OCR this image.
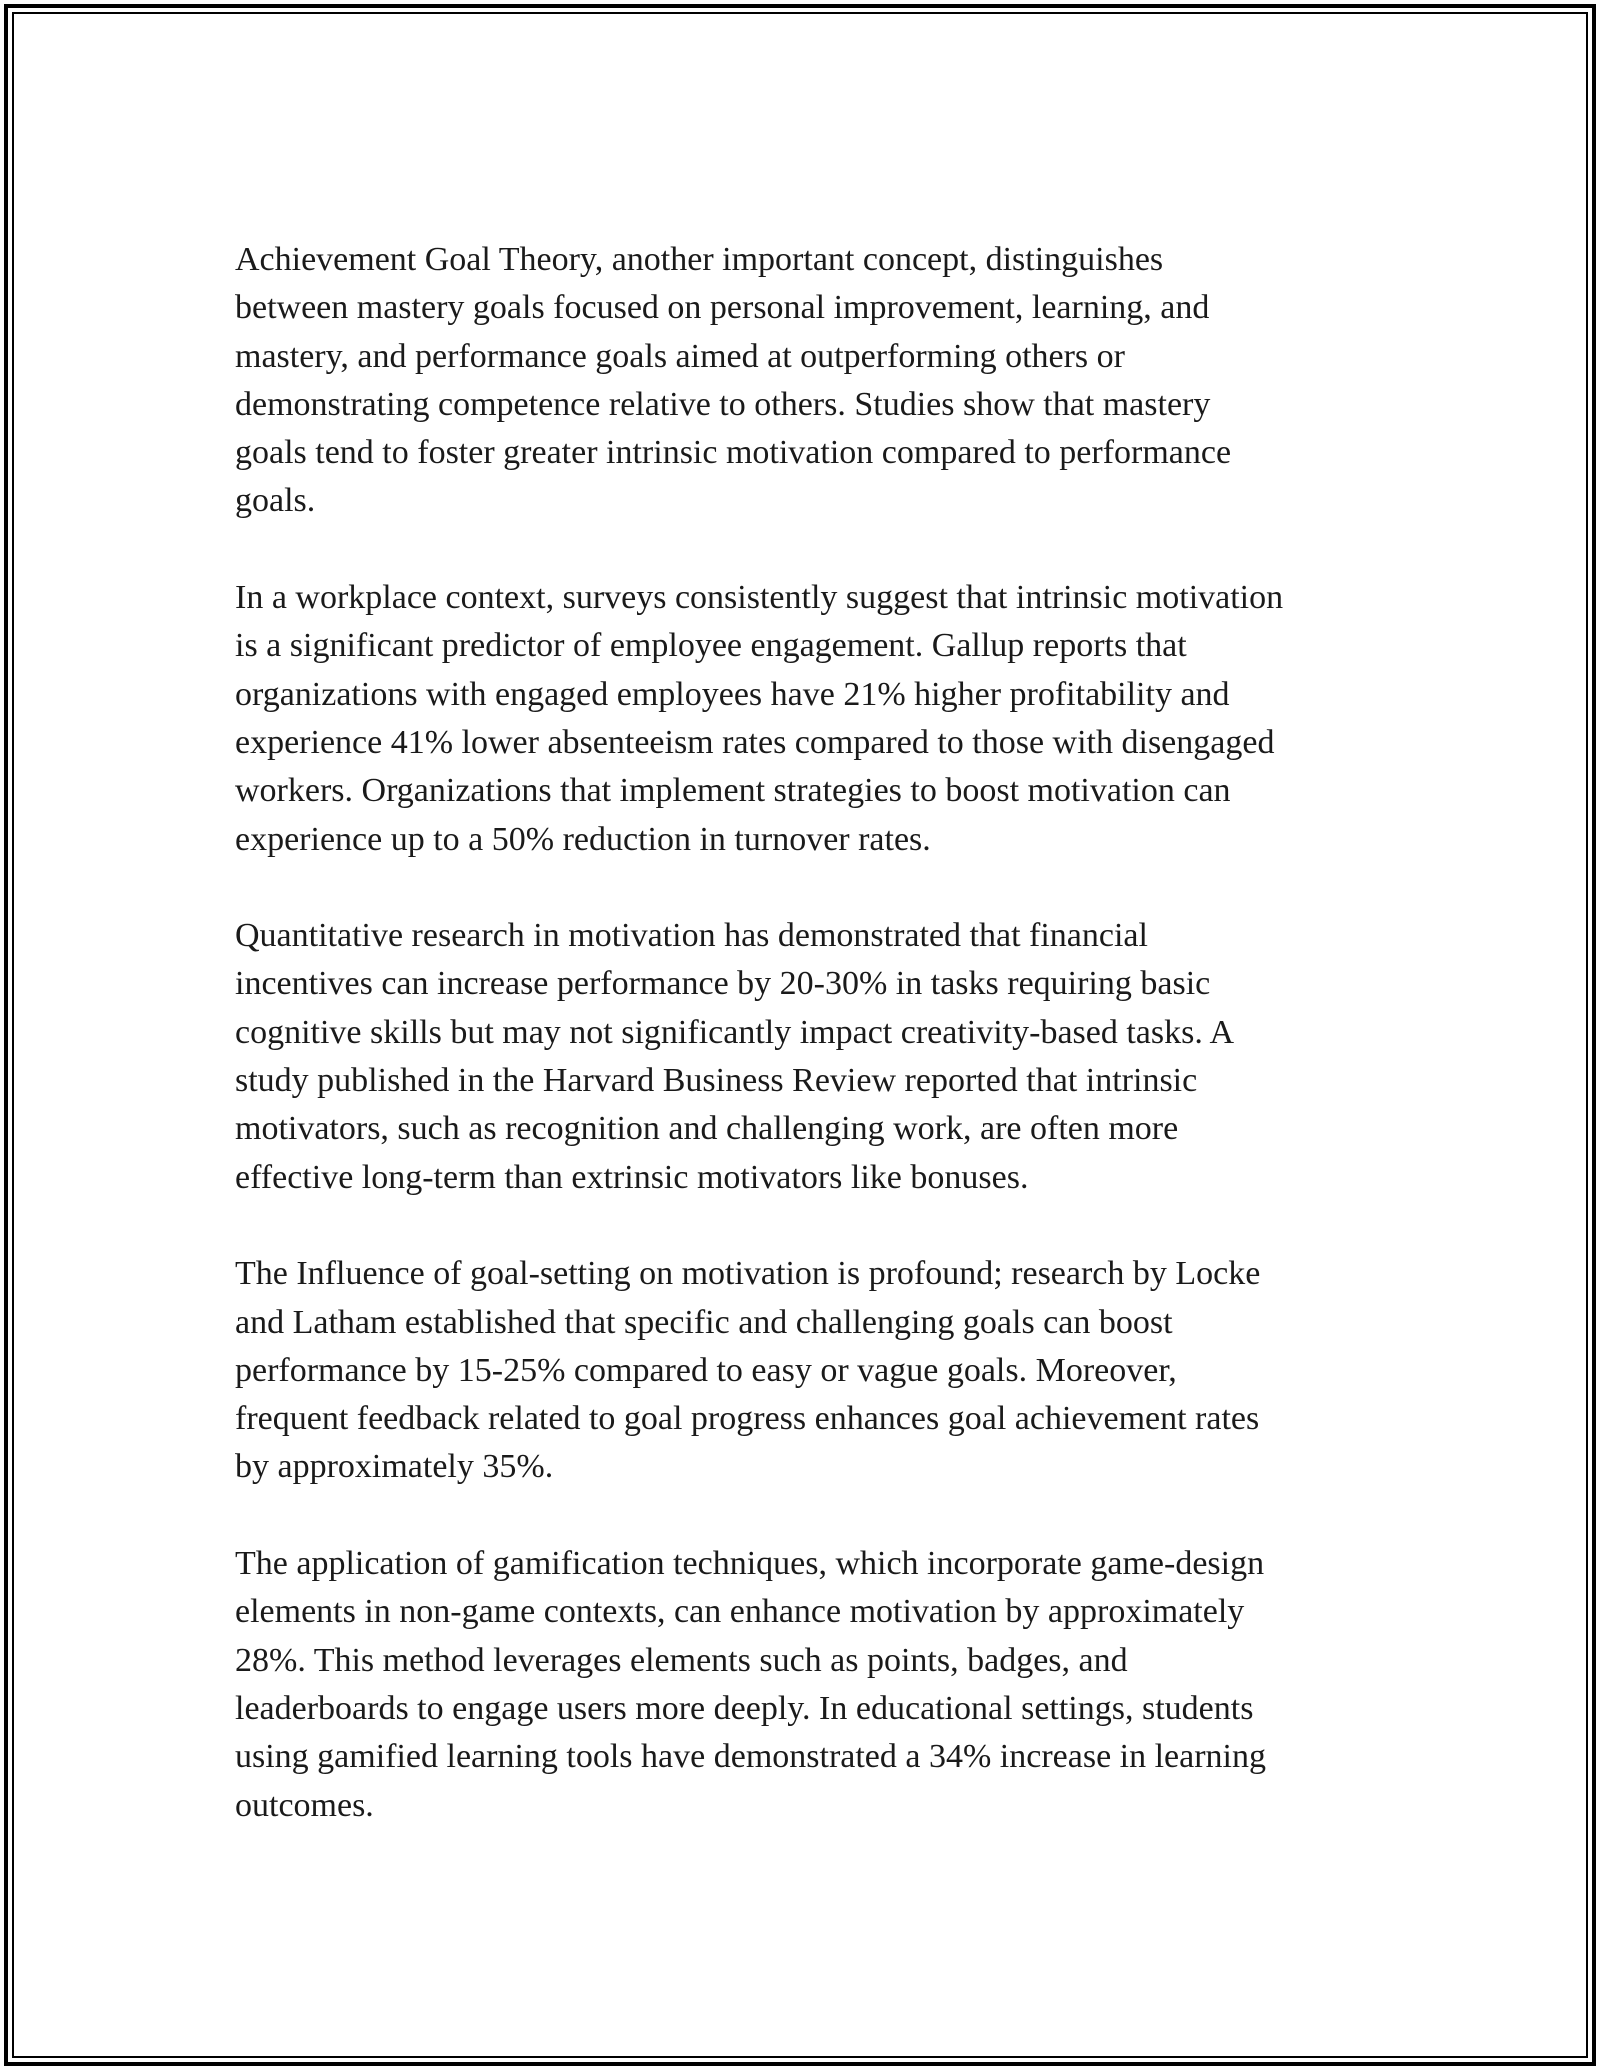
Achievement Goal Theory, another important concept, distinguishes
between mastery goals focused on personal improvement, learning, and
mastery, and performance goals aimed at outperforming others or
demonstrating competence relative to others. Studies show that mastery
goals tend to foster greater intrinsic motivation compared to performance
goals.

In a workplace context, surveys consistently suggest that intrinsic motivation
is a significant predictor of employee engagement. Gallup reports that
organizations with engaged employees have 21% higher profitability and
experience 41% lower absenteeism rates compared to those with disengaged
workers. Organizations that implement strategies to boost motivation can
experience up to a 50% reduction in turnover rates.

Quantitative research in motivation has demonstrated that financial
incentives can increase performance by 20-30% in tasks requiring basic
cognitive skills but may not significantly impact creativity-based tasks. A
study published in the Harvard Business Review reported that intrinsic
motivators, such as recognition and challenging work, are often more
effective long-term than extrinsic motivators like bonuses.

The Influence of goal-setting on motivation is profound; research by Locke
and Latham established that specific and challenging goals can boost
performance by 15-25% compared to easy or vague goals. Moreover,
frequent feedback related to goal progress enhances goal achievement rates
by approximately 35%.

The application of gamification techniques, which incorporate game-design
elements in non-game contexts, can enhance motivation by approximately
28%. This method leverages elements such as points, badges, and
leaderboards to engage users more deeply. In educational settings, students
using gamified learning tools have demonstrated a 34% increase in learning
outcomes.
